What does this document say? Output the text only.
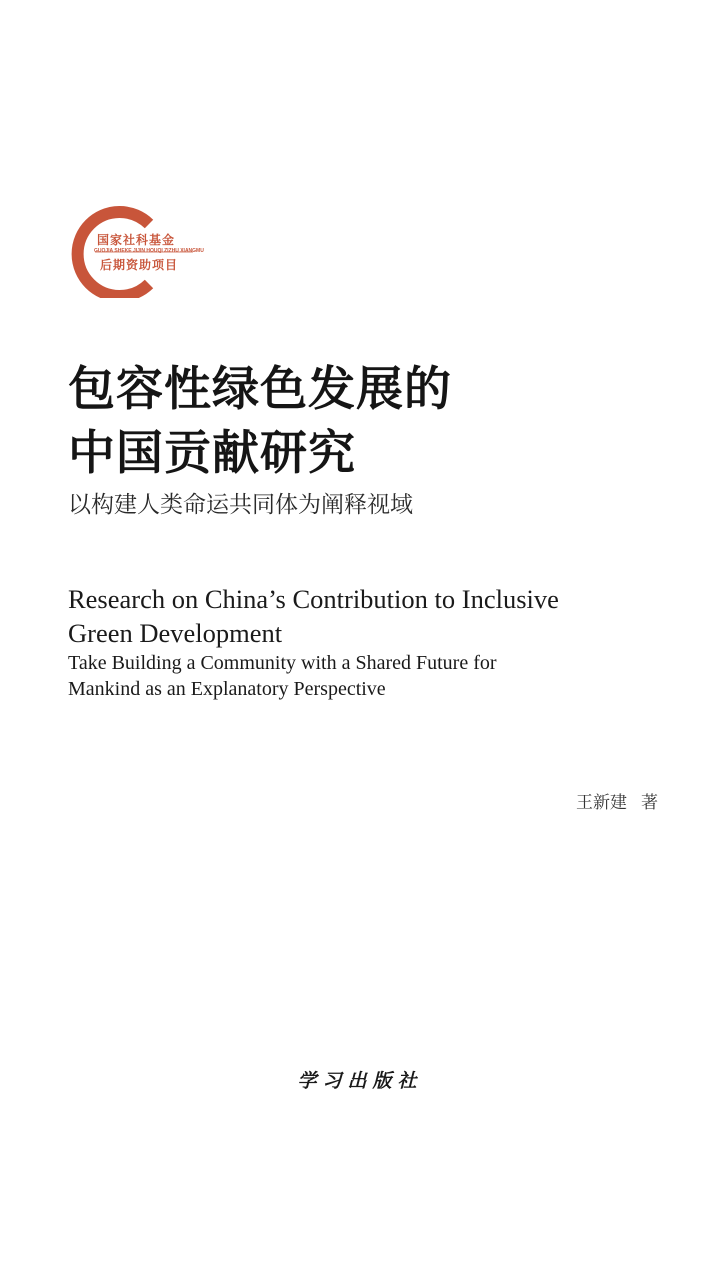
国家社科基金
GUOJIA SHEKE JIJIN HOUQI ZIZHU XIANGMU
后期资助项目
包容性绿色发展的
中国贡献研究
以构建人类命运共同体为阐释视域
Research on China’s Contribution to Inclusive
Green Development
Take Building a Community with a Shared Future for
Mankind as an Explanatory Perspective
王新建 著
学习出版社
